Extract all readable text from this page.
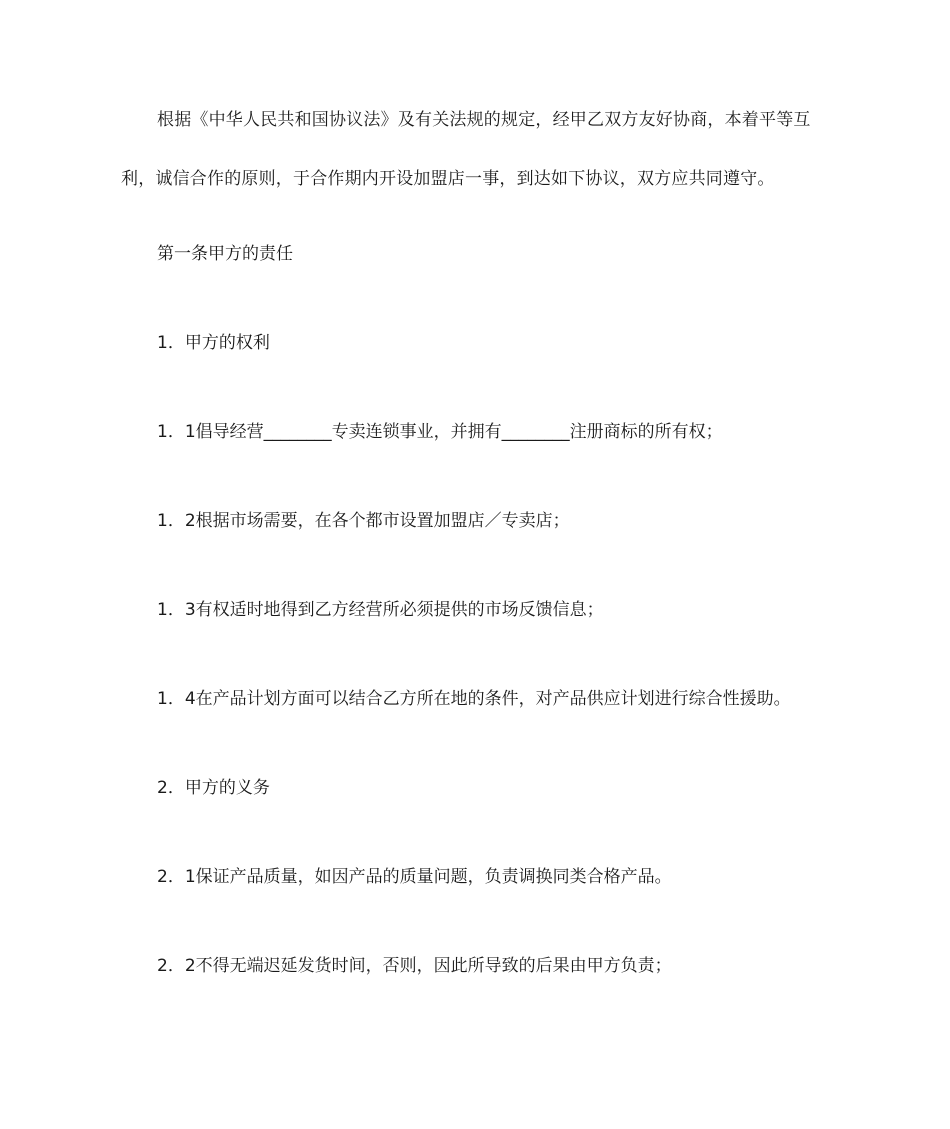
根据《中华人民共和国协议法》及有关法规的规定，经甲乙双方友好协商，本着平等互利，诚信合作的原则，于合作期内开设加盟店一事，到达如下协议，双方应共同遵守。

第一条甲方的责任

1．甲方的权利

1．1倡导经营________专卖连锁事业，并拥有________注册商标的所有权；

1．2根据市场需要，在各个都市设置加盟店／专卖店；

1．3有权适时地得到乙方经营所必须提供的市场反馈信息；

1．4在产品计划方面可以结合乙方所在地的条件，对产品供应计划进行综合性援助。

2．甲方的义务

2．1保证产品质量，如因产品的质量问题，负责调换同类合格产品。

2．2不得无端迟延发货时间，否则，因此所导致的后果由甲方负责；
